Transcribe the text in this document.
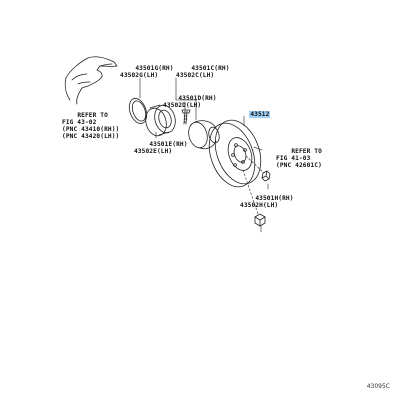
43501G(RH)
43502G(LH)

43501C(RH)
43502C(LH)

43501D(RH)
43502D(LH)

43512

REFER TO
FIG 43-02
(PNC 43410(RH))
(PNC 43420(LH))

43501E(RH)
43502E(LH)
	REFER TO
FIG 41-03
(PNC 42601C)

43501H(RH)
43502H(LH)

43095C
